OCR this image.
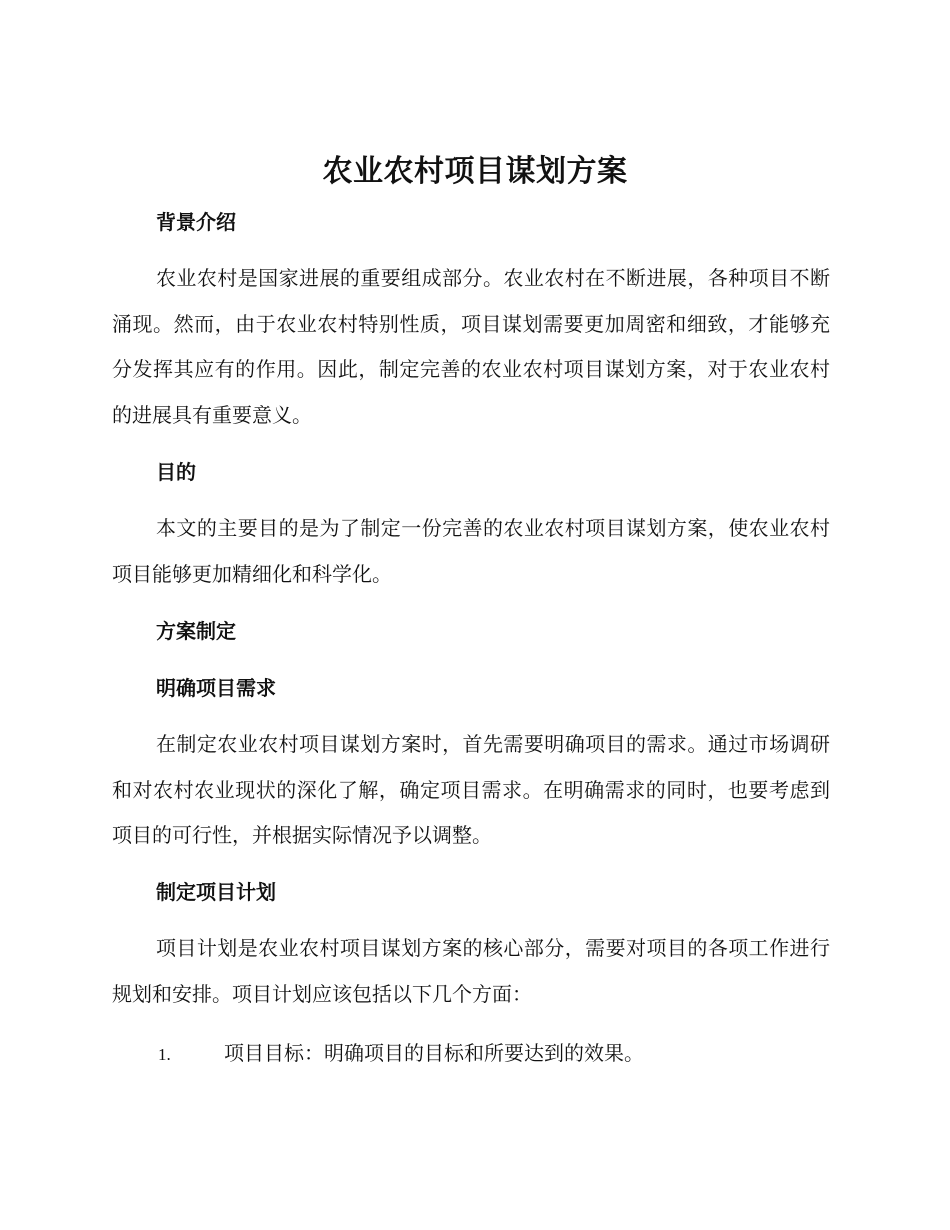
农业农村项目谋划方案
背景介绍

农业农村是国家进展的重要组成部分。农业农村在不断进展，各种项目不断涌现。然而，由于农业农村特别性质，项目谋划需要更加周密和细致，才能够充分发挥其应有的作用。因此，制定完善的农业农村项目谋划方案，对于农业农村的进展具有重要意义。

目的

本文的主要目的是为了制定一份完善的农业农村项目谋划方案，使农业农村项目能够更加精细化和科学化。

方案制定
明确项目需求

在制定农业农村项目谋划方案时，首先需要明确项目的需求。通过市场调研和对农村农业现状的深化了解，确定项目需求。在明确需求的同时，也要考虑到项目的可行性，并根据实际情况予以调整。

制定项目计划

项目计划是农业农村项目谋划方案的核心部分，需要对项目的各项工作进行规划和安排。项目计划应该包括以下几个方面：

1.	项目目标：明确项目的目标和所要达到的效果。
